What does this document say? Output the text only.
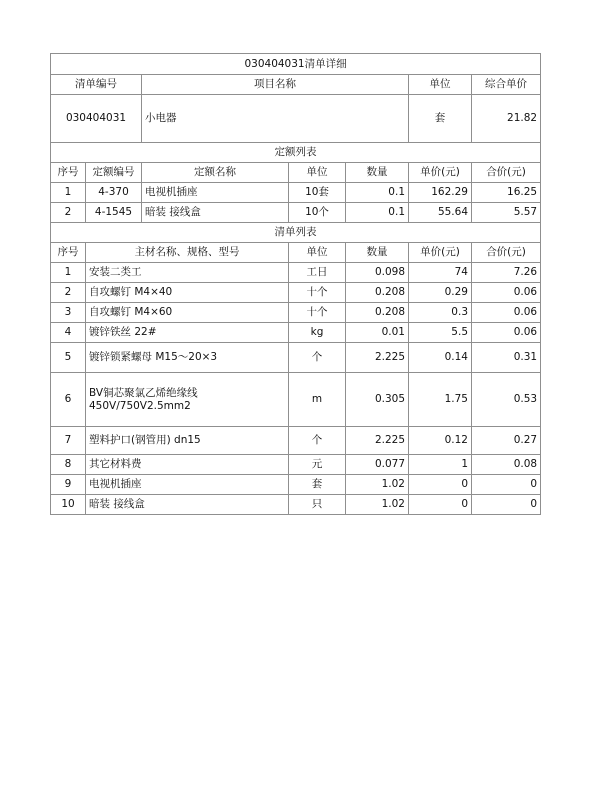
030404031清单详细						
清单编号		项目名称			单位	综合单价
030404031		小电器			套	21.82
定额列表						
序号	定额编号	定额名称	单位	数量	单价(元)	合价(元)
1	4-370	电视机插座	10套	0.1	162.29	16.25
2	4-1545	暗装 接线盒	10个	0.1	55.64	5.57
清单列表						
序号	主材名称、规格、型号		单位	数量	单价(元)	合价(元)
1	安装二类工		工日	0.098	74	7.26
2	自攻螺钉 M4×40		十个	0.208	0.29	0.06
3	自攻螺钉 M4×60		十个	0.208	0.3	0.06
4	镀锌铁丝 22#		kg	0.01	5.5	0.06
5	镀锌锁紧螺母 M15～20×3		个	2.225	0.14	0.31
6	BV铜芯聚氯乙烯绝缘线 450V/750V2.5mm2		m	0.305	1.75	0.53
7	塑料护口(钢管用) dn15		个	2.225	0.12	0.27
8	其它材料费		元	0.077	1	0.08
9	电视机插座		套	1.02	0	0
10	暗装 接线盒		只	1.02	0	0
